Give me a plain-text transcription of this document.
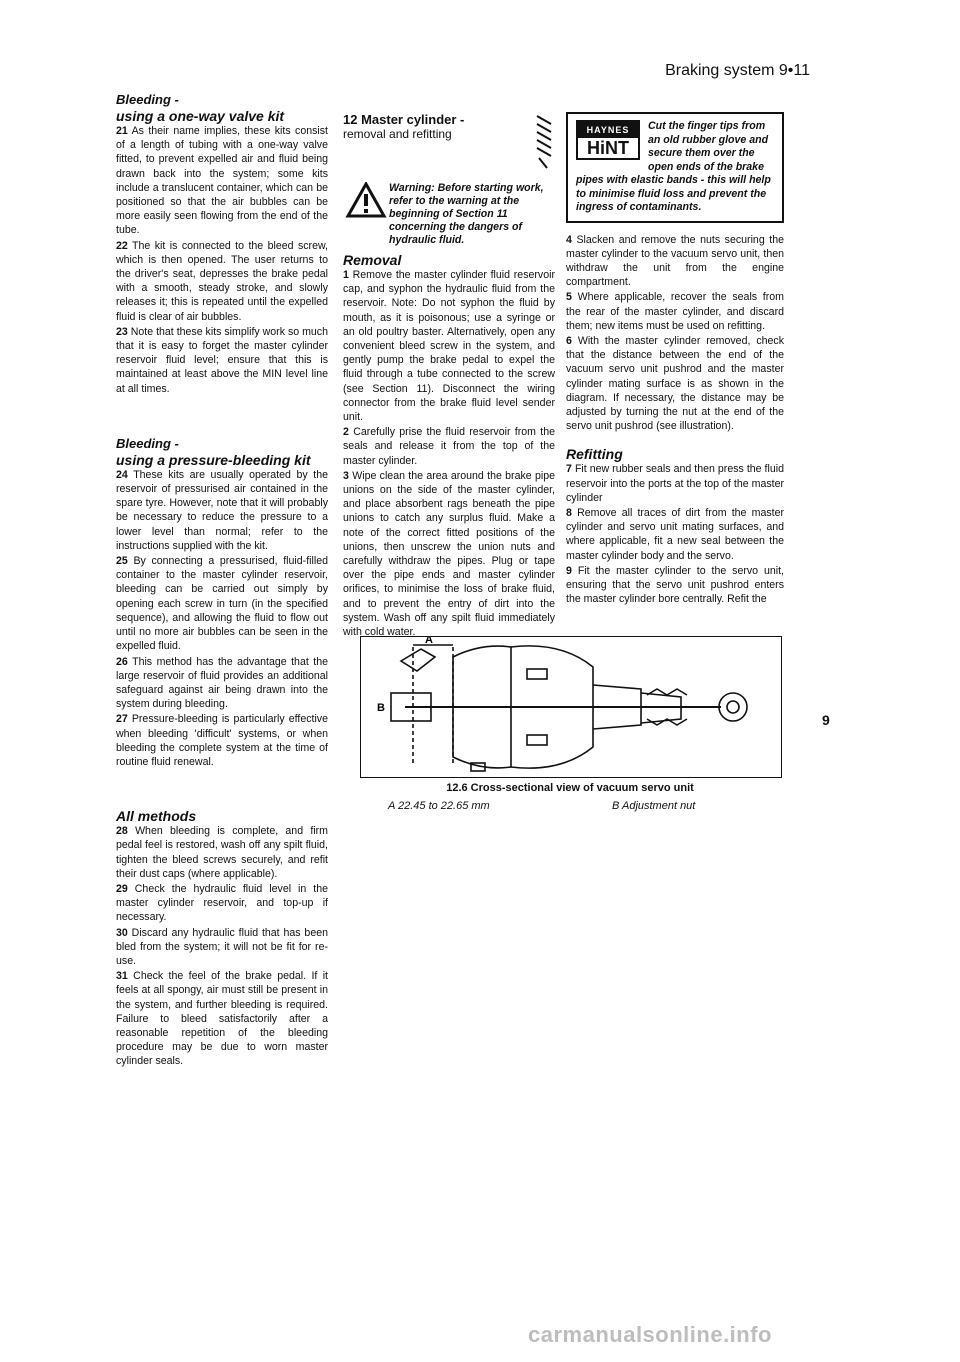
Braking system 9•11

Bleeding -

using a one-way valve kit

21 As their name implies, these kits consist of a length of tubing with a one-way valve fitted, to prevent expelled air and fluid being drawn back into the system; some kits include a translucent container, which can be positioned so that the air bubbles can be more easily seen flowing from the end of the tube.

22 The kit is connected to the bleed screw, which is then opened. The user returns to the driver's seat, depresses the brake pedal with a smooth, steady stroke, and slowly releases it; this is repeated until the expelled fluid is clear of air bubbles.

23 Note that these kits simplify work so much that it is easy to forget the master cylinder reservoir fluid level; ensure that this is maintained at least above the MIN level line at all times.

Bleeding -

using a pressure-bleeding kit

24 These kits are usually operated by the reservoir of pressurised air contained in the spare tyre. However, note that it will probably be necessary to reduce the pressure to a lower level than normal; refer to the instructions supplied with the kit.

25 By connecting a pressurised, fluid-filled container to the master cylinder reservoir, bleeding can be carried out simply by opening each screw in turn (in the specified sequence), and allowing the fluid to flow out until no more air bubbles can be seen in the expelled fluid.

26 This method has the advantage that the large reservoir of fluid provides an additional safeguard against air being drawn into the system during bleeding.

27 Pressure-bleeding is particularly effective when bleeding 'difficult' systems, or when bleeding the complete system at the time of routine fluid renewal.

All methods

28 When bleeding is complete, and firm pedal feel is restored, wash off any spilt fluid, tighten the bleed screws securely, and refit their dust caps (where applicable).

29 Check the hydraulic fluid level in the master cylinder reservoir, and top-up if necessary.

30 Discard any hydraulic fluid that has been bled from the system; it will not be fit for re-use.

31 Check the feel of the brake pedal. If it feels at all spongy, air must still be present in the system, and further bleeding is required. Failure to bleed satisfactorily after a reasonable repetition of the bleeding procedure may be due to worn master cylinder seals.

12 Master cylinder -
removal and refitting
Warning: Before starting work, refer to the warning at the beginning of Section 11 concerning the dangers of hydraulic fluid.

Removal

1 Remove the master cylinder fluid reservoir cap, and syphon the hydraulic fluid from the reservoir. Note: Do not syphon the fluid by mouth, as it is poisonous; use a syringe or an old poultry baster. Alternatively, open any convenient bleed screw in the system, and gently pump the brake pedal to expel the fluid through a tube connected to the screw (see Section 11). Disconnect the wiring connector from the brake fluid level sender unit.

2 Carefully prise the fluid reservoir from the seals and release it from the top of the master cylinder.

3 Wipe clean the area around the brake pipe unions on the side of the master cylinder, and place absorbent rags beneath the pipe unions to catch any surplus fluid. Make a note of the correct fitted positions of the unions, then unscrew the union nuts and carefully withdraw the pipes. Plug or tape over the pipe ends and master cylinder orifices, to minimise the loss of brake fluid, and to prevent the entry of dirt into the system. Wash off any spilt fluid immediately with cold water.

HAYNES
HiNT
Cut the finger tips from an old rubber glove and secure them over the open ends of the brake pipes with elastic bands - this will help to minimise fluid loss and prevent the ingress of contaminants.

4 Slacken and remove the nuts securing the master cylinder to the vacuum servo unit, then withdraw the unit from the engine compartment.

5 Where applicable, recover the seals from the rear of the master cylinder, and discard them; new items must be used on refitting.

6 With the master cylinder removed, check that the distance between the end of the vacuum servo unit pushrod and the master cylinder mating surface is as shown in the diagram. If necessary, the distance may be adjusted by turning the nut at the end of the servo unit pushrod (see illustration).

Refitting

7 Fit new rubber seals and then press the fluid reservoir into the ports at the top of the master cylinder

8 Remove all traces of dirt from the master cylinder and servo unit mating surfaces, and where applicable, fit a new seal between the master cylinder body and the servo.

9 Fit the master cylinder to the servo unit, ensuring that the servo unit pushrod enters the master cylinder bore centrally. Refit the

A
B
12.6 Cross-sectional view of vacuum servo unit
A 22.45 to 22.65 mm	B Adjustment nut
9
carmanualsonline.info
